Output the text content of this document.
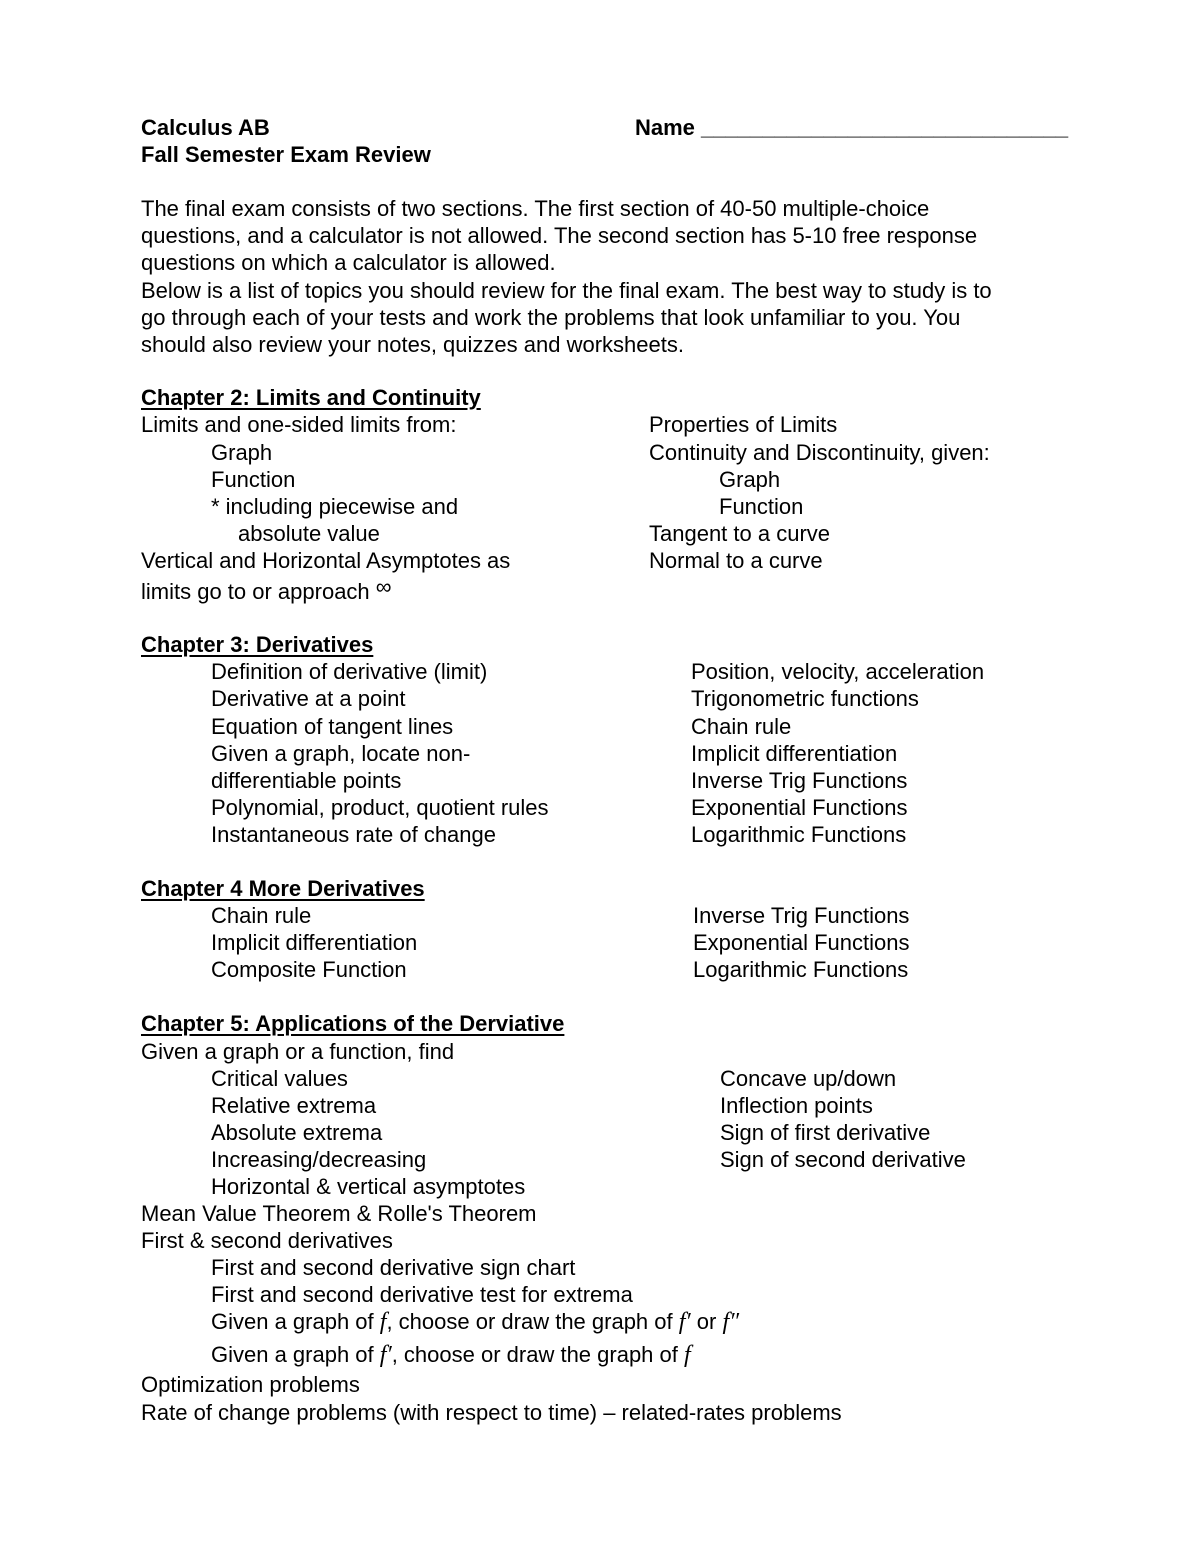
Calculus AB
Fall Semester Exam Review
Name ______________________________
The final exam consists of two sections. The first section of 40-50 multiple-choice
questions, and a calculator is not allowed. The second section has 5-10 free response
questions on which a calculator is allowed.
Below is a list of topics you should review for the final exam. The best way to study is to
go through each of your tests and work the problems that look unfamiliar to you. You
should also review your notes, quizzes and worksheets.
Chapter 2: Limits and Continuity
Limits and one-sided limits from:
Graph
Function
* including piecewise and
absolute value
Vertical and Horizontal Asymptotes as
limits go to or approach ∞
Properties of Limits
Continuity and Discontinuity, given:
Graph
Function
Tangent to a curve
Normal to a curve
Chapter 3: Derivatives
Definition of derivative (limit)
Derivative at a point
Equation of tangent lines
Given a graph, locate non-
differentiable points
Polynomial, product, quotient rules
Instantaneous rate of change
Position, velocity, acceleration
Trigonometric functions
Chain rule
Implicit differentiation
Inverse Trig Functions
Exponential Functions
Logarithmic Functions
Chapter 4 More Derivatives
Chain rule
Implicit differentiation
Composite Function
Inverse Trig Functions
Exponential Functions
Logarithmic Functions
Chapter 5: Applications of the Derviative
Given a graph or a function, find
Critical values
Relative extrema
Absolute extrema
Increasing/decreasing
Horizontal & vertical asymptotes
Concave up/down
Inflection points
Sign of first derivative
Sign of second derivative
Mean Value Theorem & Rolle's Theorem
First & second derivatives
First and second derivative sign chart
First and second derivative test for extrema
Given a graph of f, choose or draw the graph of f′ or f″
Given a graph of f′, choose or draw the graph of f
Optimization problems
Rate of change problems (with respect to time) – related-rates problems
